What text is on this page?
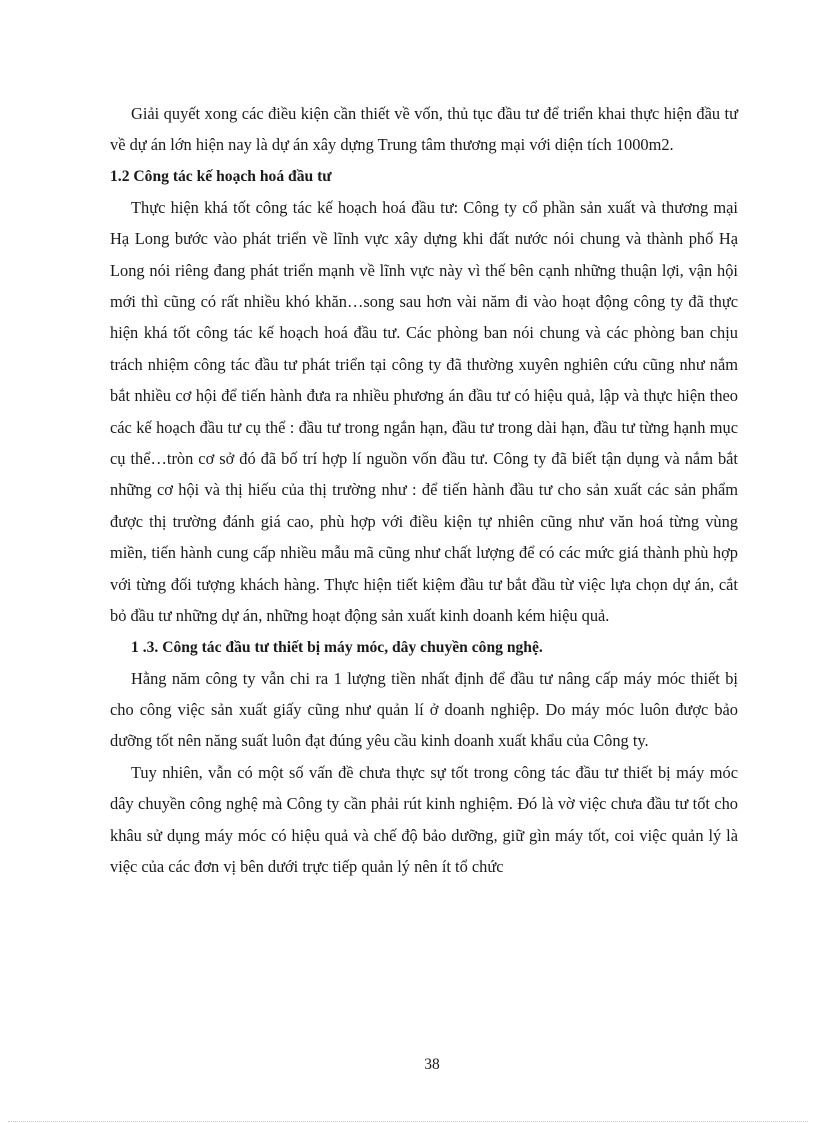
Giải quyết xong các điều kiện cần thiết về vốn, thủ tục đầu tư để triển khai thực hiện đầu tư về dự án lớn hiện nay là dự án xây dựng Trung tâm thương mại với diện tích 1000m2.

1.2 Công tác kế hoạch hoá đầu tư

Thực hiện khá tốt công tác kế hoạch hoá đầu tư: Công ty cổ phần sản xuất và thương mại Hạ Long bước vào phát triển về lĩnh vực xây dựng khi đất nước nói chung và thành phố Hạ Long nói riêng đang phát triển mạnh về lĩnh vực này vì thế bên cạnh những thuận lợi, vận hội mới thì cũng có rất nhiều khó khăn…song sau hơn vài năm đi vào hoạt động công ty đã thực hiện khá tốt công tác kế hoạch hoá đầu tư. Các phòng ban nói chung và các phòng ban chịu trách nhiệm công tác đầu tư phát triển tại công ty đã thường xuyên nghiên cứu cũng như nắm bắt nhiều cơ hội để tiến hành đưa ra nhiều phương án đầu tư có hiệu quả, lập và thực hiện theo các kế hoạch đầu tư cụ thể : đầu tư trong ngắn hạn, đầu tư trong dài hạn, đầu tư từng hạnh mục cụ thể…tròn cơ sở đó đã bố trí hợp lí nguồn vốn đầu tư. Công ty đã biết tận dụng và nắm bắt những cơ hội và thị hiếu của thị trường như : để tiến hành đầu tư cho sản xuất các sản phẩm được thị trường đánh giá cao, phù hợp với điều kiện tự nhiên cũng như văn hoá từng vùng miền, tiến hành cung cấp nhiều mẫu mã cũng như chất lượng để có các mức giá thành phù hợp với từng đối tượng khách hàng. Thực hiện tiết kiệm đầu tư bắt đầu từ việc lựa chọn dự án, cắt bỏ đầu tư những dự án, những hoạt động sản xuất kinh doanh kém hiệu quả.

1 .3. Công tác đầu tư thiết bị máy móc, dây chuyền công nghệ.

Hằng năm công ty vẫn chi ra 1 lượng tiền nhất định để đầu tư nâng cấp máy móc thiết bị cho công việc sản xuất giấy cũng như quản lí ở doanh nghiệp. Do máy móc luôn được bảo dưỡng tốt nên năng suất luôn đạt đúng yêu cầu kinh doanh xuất khẩu của Công ty.

Tuy nhiên, vẫn có một số vấn đề chưa thực sự tốt trong công tác đầu tư thiết bị máy móc dây chuyền công nghệ mà Công ty cần phải rút kinh nghiệm. Đó là vờ việc chưa đầu tư tốt cho khâu sử dụng máy móc có hiệu quả và chế độ bảo dưỡng, giữ gìn máy tốt, coi việc quản lý là việc của các đơn vị bên dưới trực tiếp quản lý nên ít tổ chức

38
